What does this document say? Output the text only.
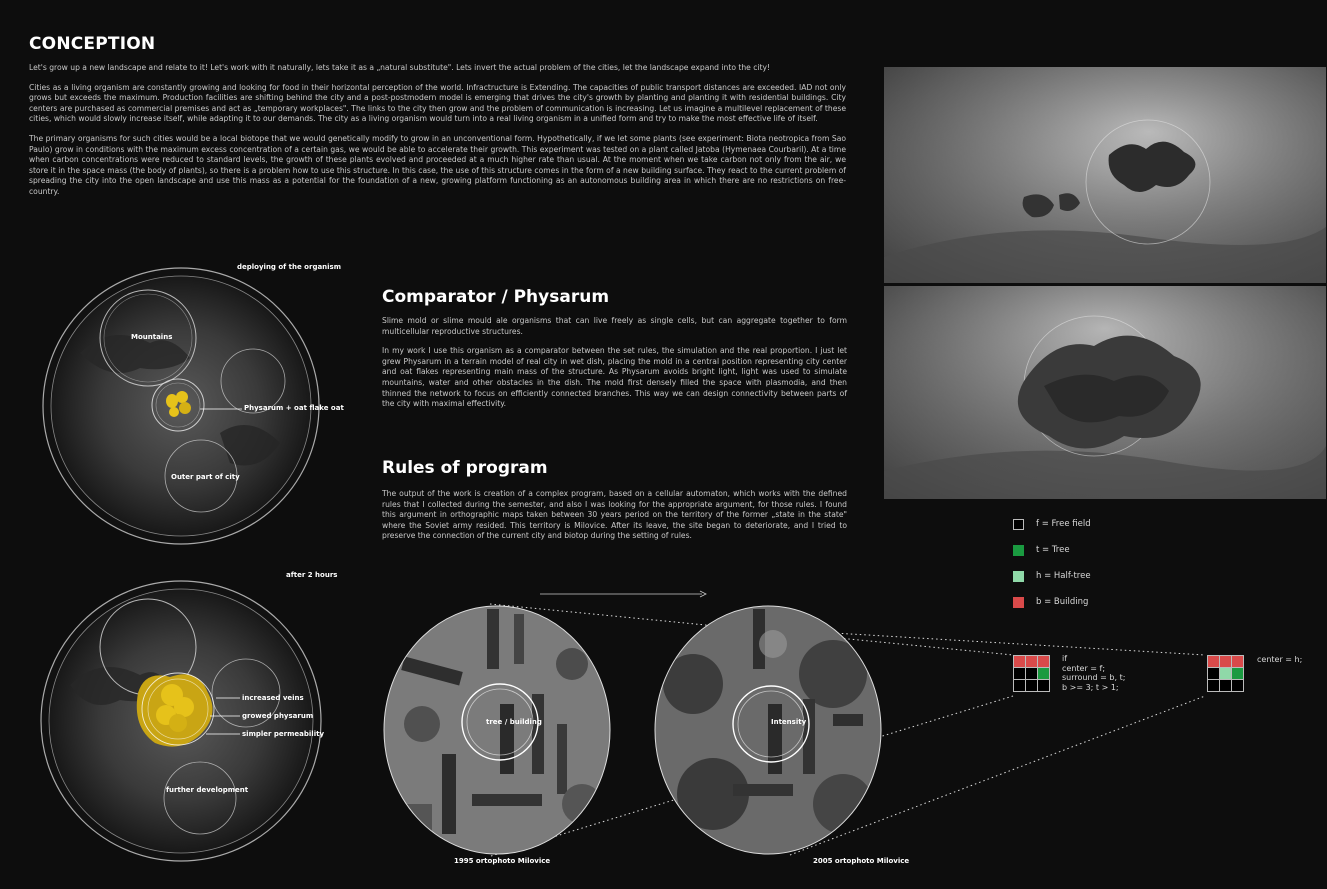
CONCEPTION

Let's grow up a new landscape and relate to it! Let's work with it naturally, lets take it as a „natural substitute". Lets invert the actual problem of the cities, let the landscape expand into the city!

Cities as a living organism are constantly growing and looking for food in their horizontal perception of the world. Infractructure is Extending. The capacities of public transport distances are exceeded. IAD not only grows but exceeds the maximum. Production facilities are shifting behind the city and a post-postmodern model is emerging that drives the city's growth by planting and planting it with residential buildings. City centers are purchased as commercial premises and act as „temporary workplaces". The links to the city then grow and the problem of communication is increasing. Let us imagine a multilevel replacement of these cities, which would slowly increase itself, while adapting it to our demands. The city as a living organism would turn into a real living organism in a unified form and try to make the most effective life of itself.

The primary organisms for such cities would be a local biotope that we would genetically modify to grow in an unconventional form. Hypothetically, if we let some plants (see experiment: Biota neotropica from Sao Paulo) grow in conditions with the maximum excess concentration of a certain gas, we would be able to accelerate their growth. This experiment was tested on a plant called Jatoba (Hymenaea Courbaril). At a time when carbon concentrations were reduced to standard levels, the growth of these plants evolved and proceeded at a much higher rate than usual. At the moment when we take carbon not only from the air, we store it in the space mass (the body of plants), so there is a problem how to use this structure. In this case, the use of this structure comes in the form of a new building surface. They react to the current problem of spreading the city into the open landscape and use this mass as a potential for the foundation of a new, growing platform functioning as an autonomous building area in which there are no restrictions on free-country.

deploying of the organism
Mountains
Physarum + oat flake oat
Outer part of city
after 2 hours
increased veins
growed physarum
simpler permeability
further development
Comparator / Physarum

Slime mold or slime mould ale organisms that can live freely as single cells, but can aggregate together to form multicellular reproductive structures.

In my work I use this organism as a comparator between the set rules, the simulation and the real proportion. I just let grew Physarum in a terrain model of real city in wet dish, placing the mold in a central position representing city center and oat flakes representing main mass of the structure. As Physarum avoids bright light, light was used to simulate mountains, water and other obstacles in the dish. The mold first densely filled the space with plasmodia, and then thinned the network to focus on efficiently connected branches. This way we can design connectivity between parts of the city with maximal effectivity.

Rules of program

The output of the work is creation of a complex program, based on a cellular automaton, which works with the defined rules that I collected during the semester, and also I was looking for the appropriate argument, for those rules. I found this argument in orthographic maps taken between 30 years period on the territory of the former „state in the state" where the Soviet army resided. This territory is Milovice. After its leave, the site began to deteriorate, and I tried to preserve the connection of the current city and biotop during the setting of rules.

f = Free field
t = Tree
h = Half-tree
b = Building
tree / building
1995 ortophoto Milovice
Intensity
2005 ortophoto Milovice
if
center = f;
surround = b, t;
b >= 3; t > 1;
center = h;
